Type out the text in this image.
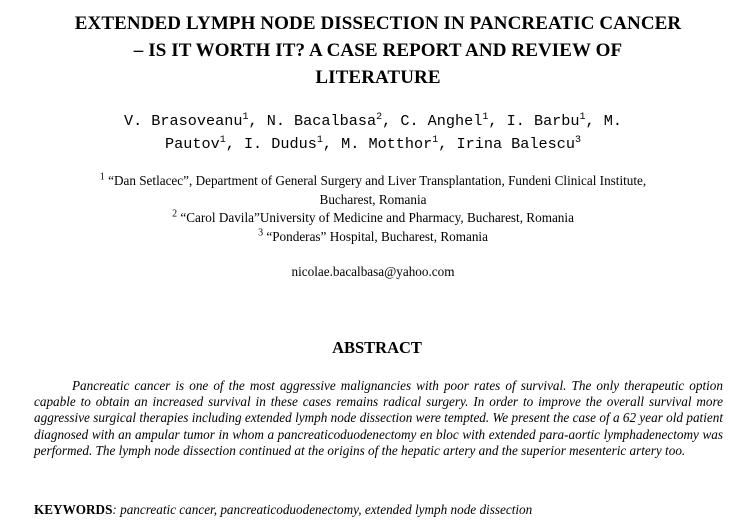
EXTENDED LYMPH NODE DISSECTION IN PANCREATIC CANCER
– IS IT WORTH IT? A CASE REPORT AND REVIEW OF
LITERATURE
V. Brasoveanu$^1$, N. Bacalbasa$^2$, C. Anghel$^1$, I. Barbu$^1$, M.
Pautov$^1$, I. Dudus$^1$, M. Motthor$^1$, Irina Balescu$^3$
$^1$ “Dan Setlacec”, Department of General Surgery and Liver Transplantation, Fundeni Clinical Institute,
Bucharest, Romania
$^2$ “Carol Davila”University of Medicine and Pharmacy, Bucharest, Romania
$^3$ “Ponderas” Hospital, Bucharest, Romania
nicolae.bacalbasa@yahoo.com
ABSTRACT
Pancreatic cancer is one of the most aggressive malignancies with poor rates of survival. The only therapeutic option capable to obtain an increased survival in these cases remains radical surgery. In order to improve the overall survival more aggressive surgical therapies including extended lymph node dissection were tempted. We present the case of a 62 year old patient diagnosed with an ampular tumor in whom a pancreaticoduodenectomy en bloc with extended para-aortic lymphadenectomy was performed. The lymph node dissection continued at the origins of the hepatic artery and the superior mesenteric artery too.
KEYWORDS: pancreatic cancer, pancreaticoduodenectomy, extended lymph node dissection
